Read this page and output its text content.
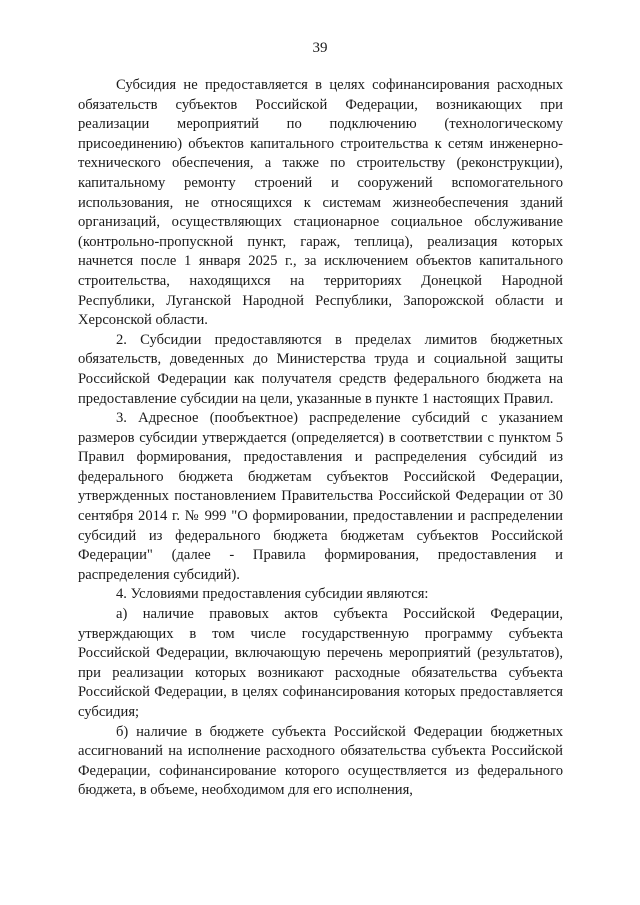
39

Субсидия не предоставляется в целях софинансирования расходных обязательств субъектов Российской Федерации, возникающих при реализации мероприятий по подключению (технологическому присоединению) объектов капитального строительства к сетям инженерно-технического обеспечения, а также по строительству (реконструкции), капитальному ремонту строений и сооружений вспомогательного использования, не относящихся к системам жизнеобеспечения зданий организаций, осуществляющих стационарное социальное обслуживание (контрольно-пропускной пункт, гараж, теплица), реализация которых начнется после 1 января 2025 г., за исключением объектов капитального строительства, находящихся на территориях Донецкой Народной Республики, Луганской Народной Республики, Запорожской области и Херсонской области.

2. Субсидии предоставляются в пределах лимитов бюджетных обязательств, доведенных до Министерства труда и социальной защиты Российской Федерации как получателя средств федерального бюджета на предоставление субсидии на цели, указанные в пункте 1 настоящих Правил.

3. Адресное (пообъектное) распределение субсидий с указанием размеров субсидии утверждается (определяется) в соответствии с пунктом 5 Правил формирования, предоставления и распределения субсидий из федерального бюджета бюджетам субъектов Российской Федерации, утвержденных постановлением Правительства Российской Федерации от 30 сентября 2014 г. № 999 "О формировании, предоставлении и распределении субсидий из федерального бюджета бюджетам субъектов Российской Федерации" (далее - Правила формирования, предоставления и распределения субсидий).

4. Условиями предоставления субсидии являются:

а) наличие правовых актов субъекта Российской Федерации, утверждающих в том числе государственную программу субъекта Российской Федерации, включающую перечень мероприятий (результатов), при реализации которых возникают расходные обязательства субъекта Российской Федерации, в целях софинансирования которых предоставляется субсидия;

б) наличие в бюджете субъекта Российской Федерации бюджетных ассигнований на исполнение расходного обязательства субъекта Российской Федерации, софинансирование которого осуществляется из федерального бюджета, в объеме, необходимом для его исполнения,
